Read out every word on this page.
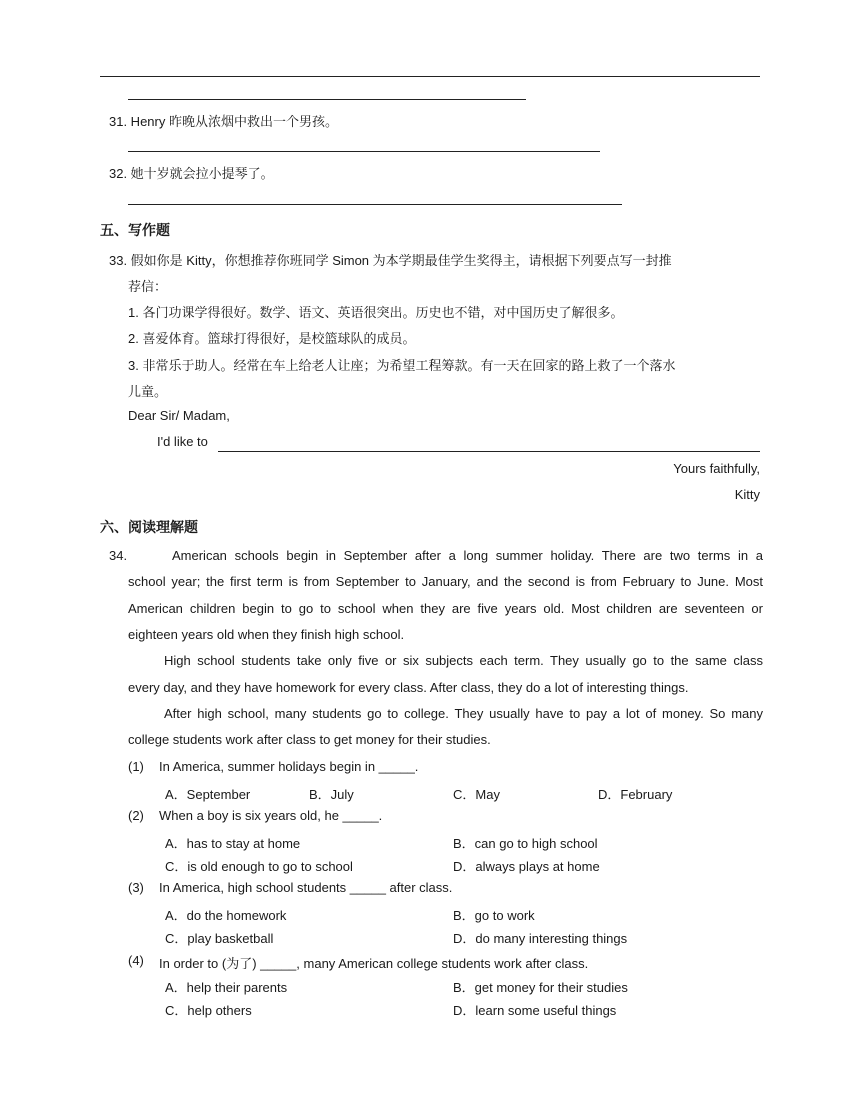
31. Henry 昨晚从浓烟中救出一个男孩。
32. 她十岁就会拉小提琴了。
五、写作题
33. 假如你是 Kitty，你想推荐你班同学 Simon 为本学期最佳学生奖得主，请根据下列要点写一封推
荐信：
1. 各门功课学得很好。数学、语文、英语很突出。历史也不错，对中国历史了解很多。
2. 喜爱体育。篮球打得很好，是校篮球队的成员。
3. 非常乐于助人。经常在车上给老人让座；为希望工程筹款。有一天在回家的路上救了一个落水
儿童。
Dear Sir/ Madam,
I'd like to
Yours faithfully,
Kitty
六、阅读理解题
34.	American schools begin in September after a long summer holiday. There are two terms in a
school year; the first term is from September to January, and the second is from February to June. Most
American children begin to go to school when they are five years old. Most children are seventeen or
eighteen years old when they finish high school.
High school students take only five or six subjects each term. They usually go to the same class
every day, and they have homework for every class. After class, they do a lot of interesting things.
After high school, many students go to college. They usually have to pay a lot of money. So many
college students work after class to get money for their studies.
(1) In America, summer holidays begin in _____.
A．September	B．July	C．May	D．February
(2) When a boy is six years old, he _____.
A．has to stay at home	B．can go to high school
C．is old enough to go to school	D．always plays at home
(3) In America, high school students _____ after class.
A．do the homework	B．go to work
C．play basketball	D．do many interesting things
(4) In order to (为了) _____, many American college students work after class.
A．help their parents	B．get money for their studies
C．help others	D．learn some useful things
